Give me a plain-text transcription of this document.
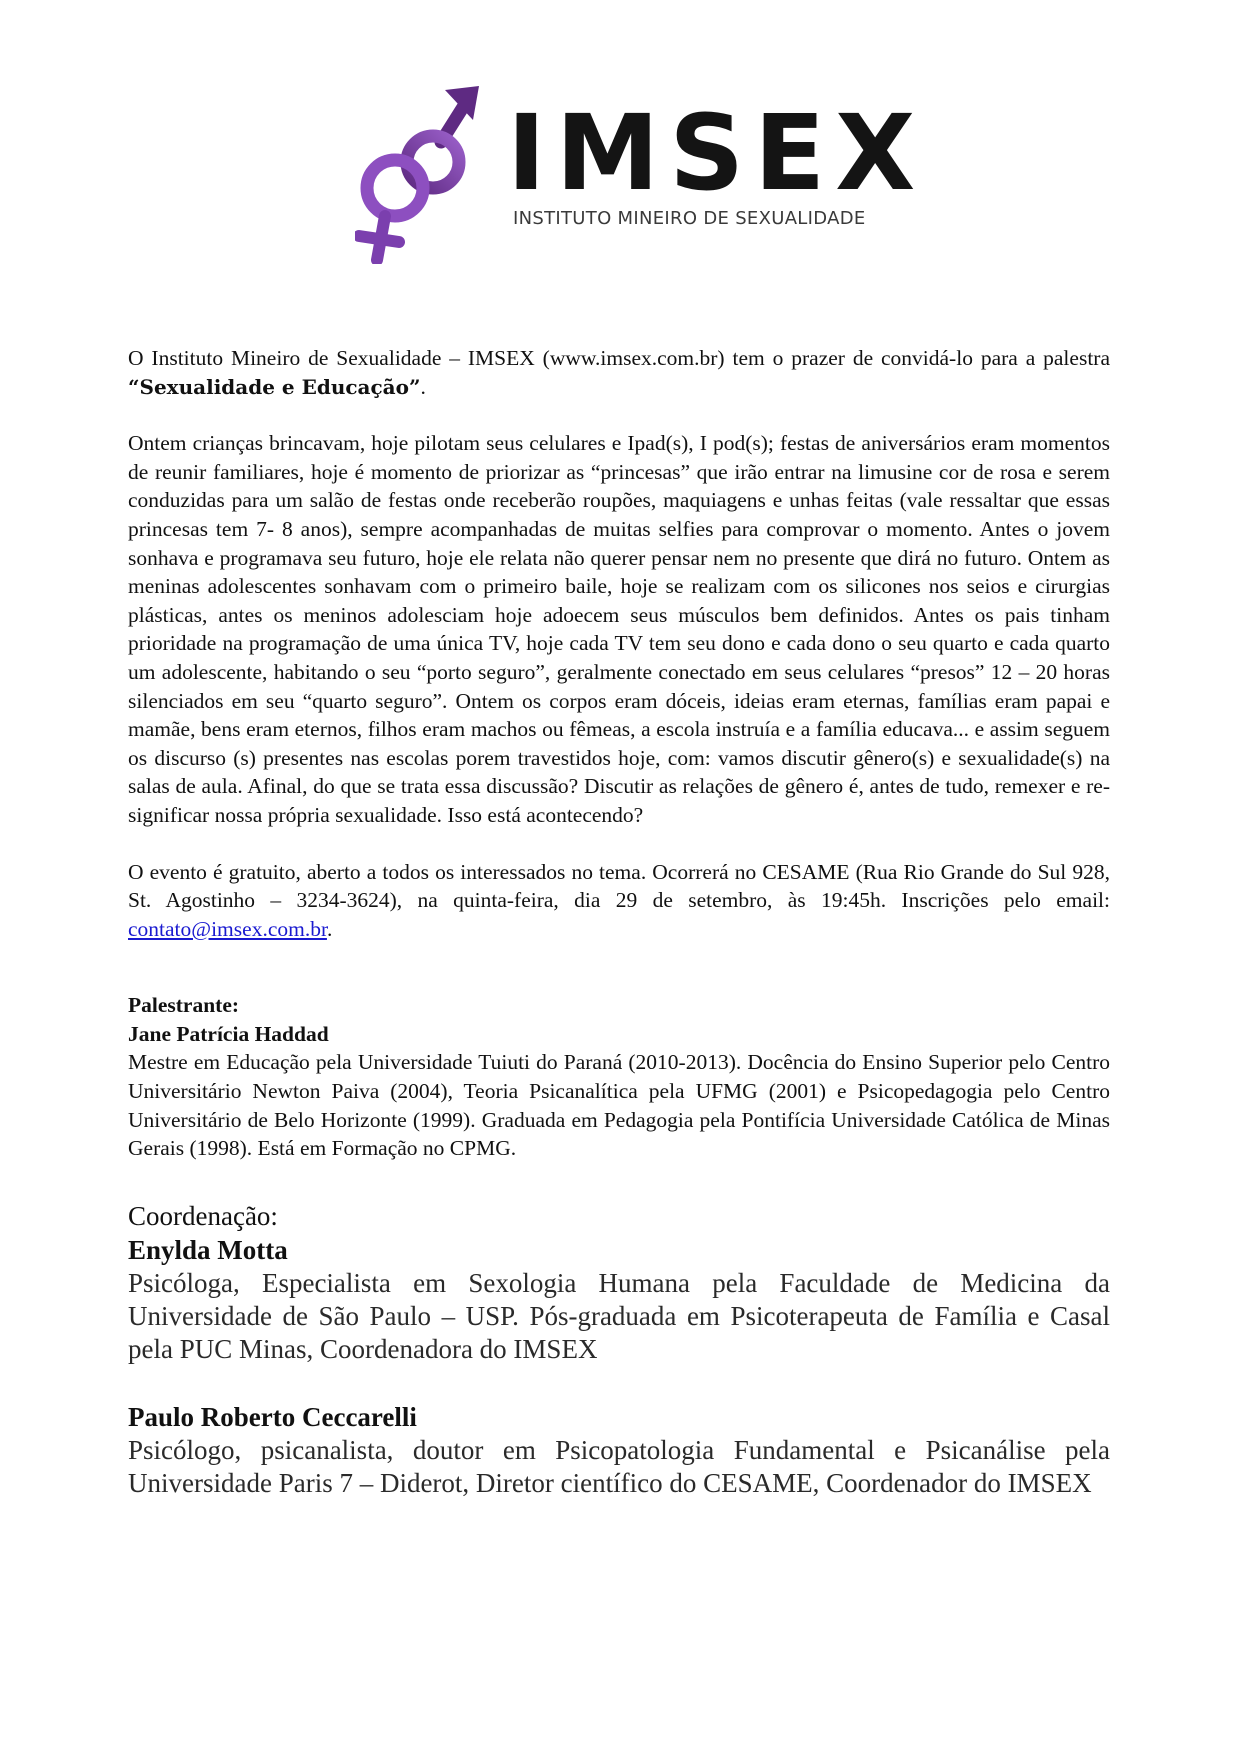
IMSEX
INSTITUTO MINEIRO DE SEXUALIDADE

O Instituto Mineiro de Sexualidade – IMSEX (www.imsex.com.br) tem o prazer de convidá-lo para a palestra “Sexualidade e Educação”.

Ontem crianças brincavam, hoje pilotam seus celulares e Ipad(s), I pod(s); festas de aniversários eram momentos de reunir familiares, hoje é momento de priorizar as “princesas” que irão entrar na limusine cor de rosa e serem conduzidas para um salão de festas onde receberão roupões, maquiagens e unhas feitas (vale ressaltar que essas princesas tem 7- 8 anos), sempre acompanhadas de muitas selfies para comprovar o momento. Antes o jovem sonhava e programava seu futuro, hoje ele relata não querer pensar nem no presente que dirá no futuro. Ontem as meninas adolescentes sonhavam com o primeiro baile, hoje se realizam com os silicones nos seios e cirurgias plásticas, antes os meninos adolesciam hoje adoecem seus músculos bem definidos. Antes os pais tinham prioridade na programação de uma única TV, hoje cada TV tem seu dono e cada dono o seu quarto e cada quarto um adolescente, habitando o seu “porto seguro”, geralmente conectado em seus celulares “presos” 12 – 20 horas silenciados em seu “quarto seguro”. Ontem os corpos eram dóceis, ideias eram eternas, famílias eram papai e mamãe, bens eram eternos, filhos eram machos ou fêmeas, a escola instruía e a família educava... e assim seguem os discurso (s) presentes nas escolas porem travestidos hoje, com: vamos discutir gênero(s) e sexualidade(s) na salas de aula. Afinal, do que se trata essa discussão? Discutir as relações de gênero é, antes de tudo, remexer e re-significar nossa própria sexualidade. Isso está acontecendo?

O evento é gratuito, aberto a todos os interessados no tema. Ocorrerá no CESAME (Rua Rio Grande do Sul 928, St. Agostinho – 3234-3624), na quinta-feira, dia 29 de setembro, às 19:45h. Inscrições pelo email: contato@imsex.com.br.

Palestrante:

Jane Patrícia Haddad

Mestre em Educação pela Universidade Tuiuti do Paraná (2010-2013). Docência do Ensino Superior pelo Centro Universitário Newton Paiva (2004), Teoria Psicanalítica pela UFMG (2001) e Psicopedagogia pelo Centro Universitário de Belo Horizonte (1999). Graduada em Pedagogia pela Pontifícia Universidade Católica de Minas Gerais (1998). Está em Formação no CPMG.

Coordenação:

Enylda Motta

Psicóloga, Especialista em Sexologia Humana pela Faculdade de Medicina da Universidade de São Paulo – USP. Pós-graduada em Psicoterapeuta de Família e Casal pela PUC Minas, Coordenadora do IMSEX

Paulo Roberto Ceccarelli

Psicólogo, psicanalista, doutor em Psicopatologia Fundamental e Psicanálise pela Universidade Paris 7 – Diderot, Diretor científico do CESAME, Coordenador do IMSEX
